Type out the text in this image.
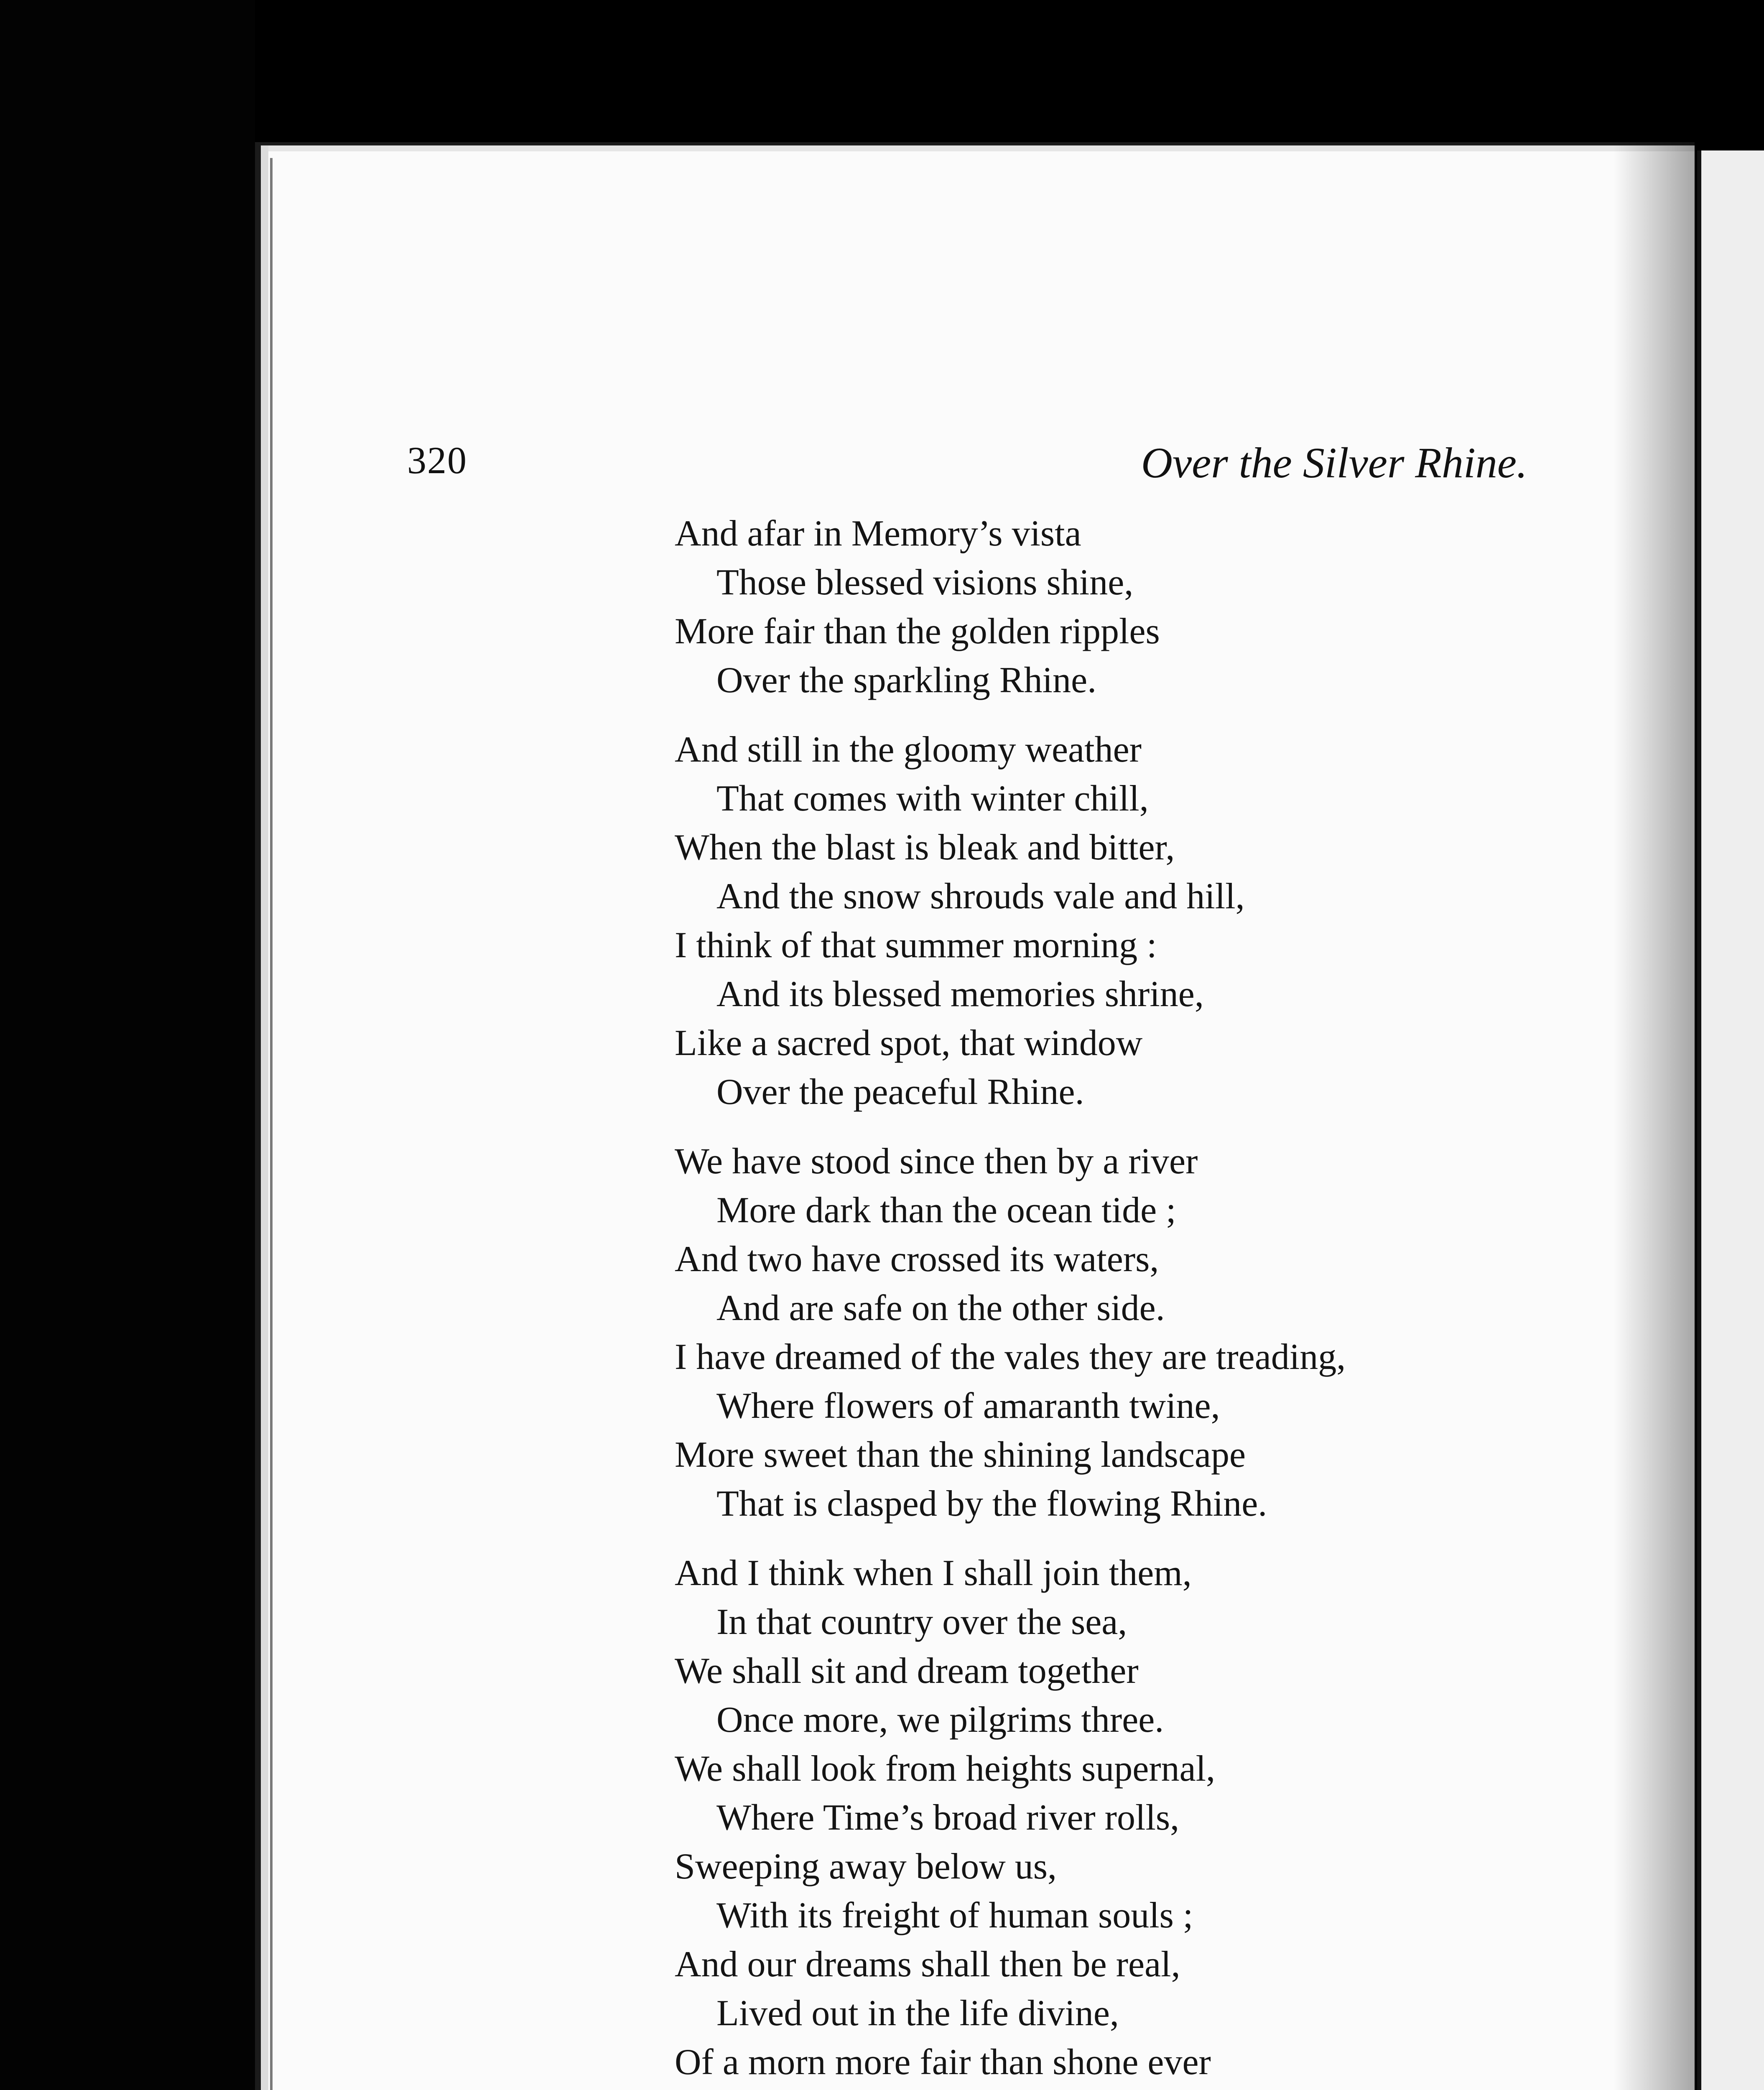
320	Over the Silver Rhine.
And afar in Memory’s vista
Those blessed visions shine,
More fair than the golden ripples
Over the sparkling Rhine.
And still in the gloomy weather
That comes with winter chill,
When the blast is bleak and bitter,
And the snow shrouds vale and hill,
I think of that summer morning :
And its blessed memories shrine,
Like a sacred spot, that window
Over the peaceful Rhine.
We have stood since then by a river
More dark than the ocean tide ;
And two have crossed its waters,
And are safe on the other side.
I have dreamed of the vales they are treading,
Where flowers of amaranth twine,
More sweet than the shining landscape
That is clasped by the flowing Rhine.
And I think when I shall join them,
In that country over the sea,
We shall sit and dream together
Once more, we pilgrims three.
We shall look from heights supernal,
Where Time’s broad river rolls,
Sweeping away below us,
With its freight of human souls ;
And our dreams shall then be real,
Lived out in the life divine,
Of a morn more fair than shone ever
